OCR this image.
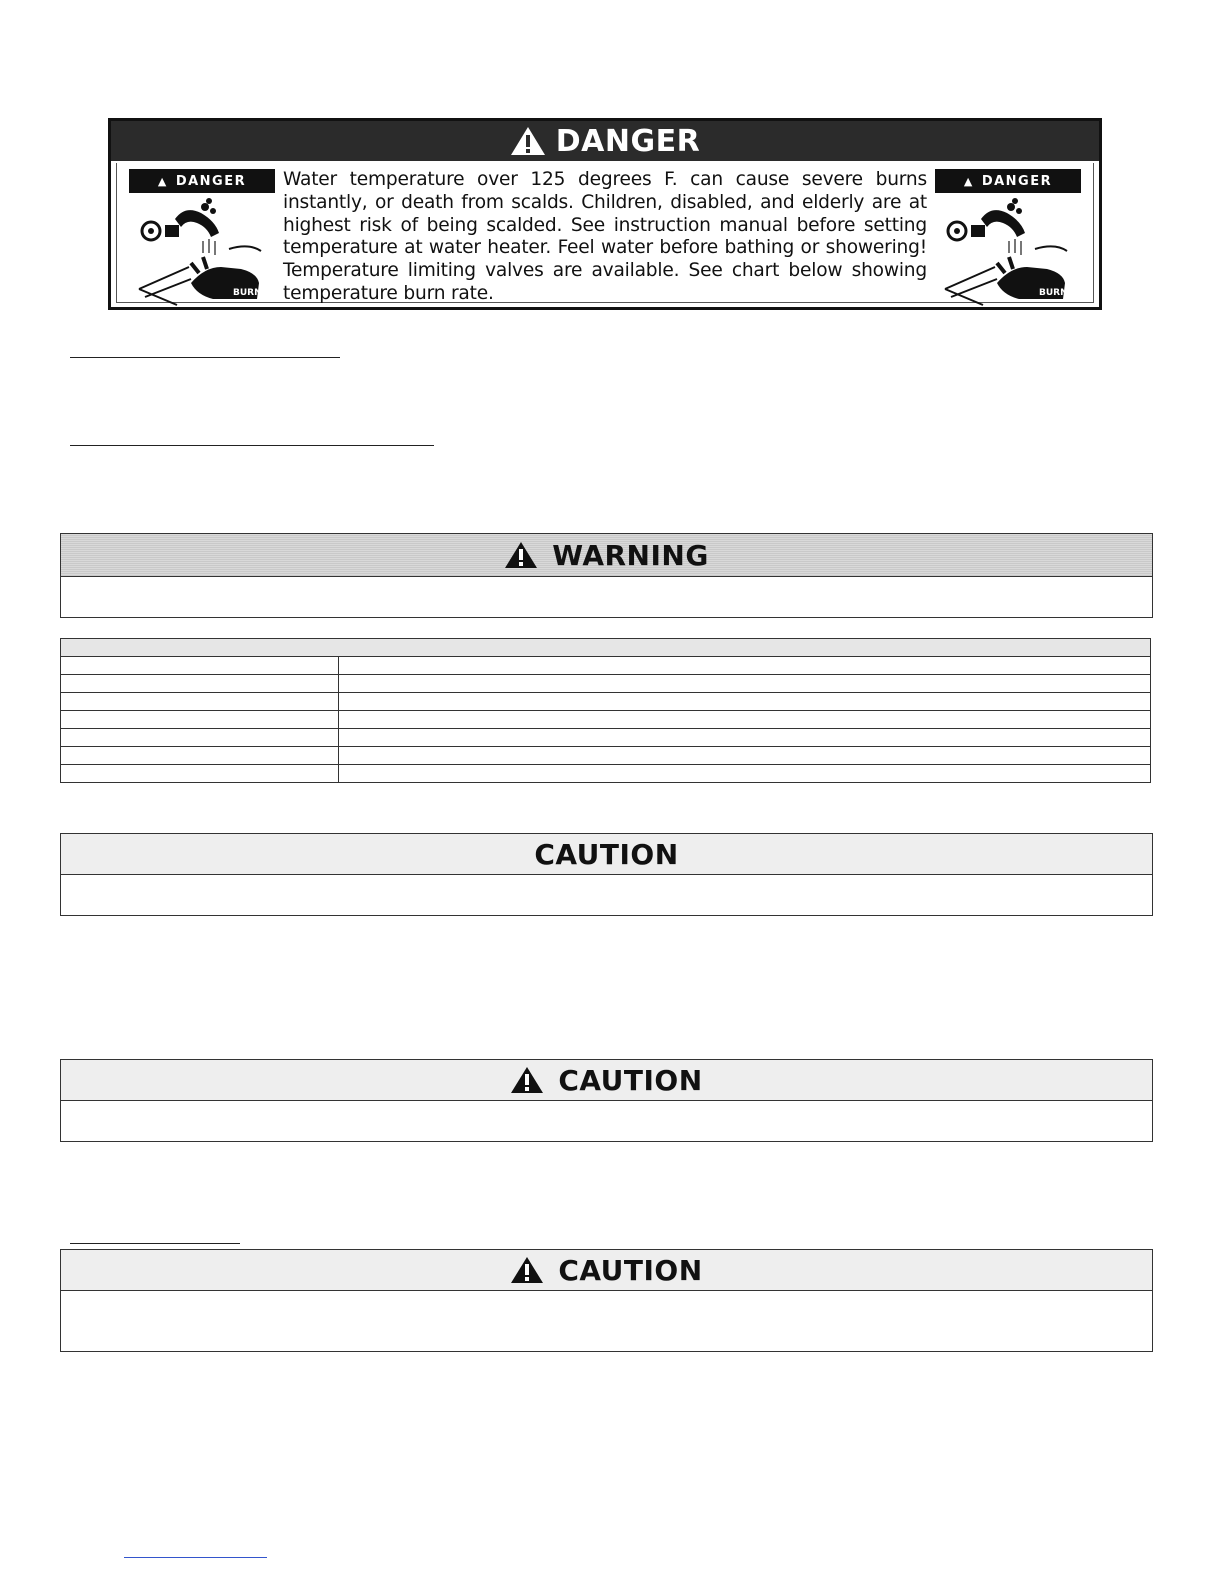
DANGER
▲ DANGER
BURN
Water temperature over 125 degrees F. can cause severe burns instantly, or death from scalds. Children, disabled, and elderly are at highest risk of being scalded. See instruction manual before setting temperature at water heater. Feel water before bathing or showering! Temperature limiting valves are available. See chart below showing temperature burn rate.
▲ DANGER
BURN
WARNING

CAUTION
CAUTION
CAUTION
